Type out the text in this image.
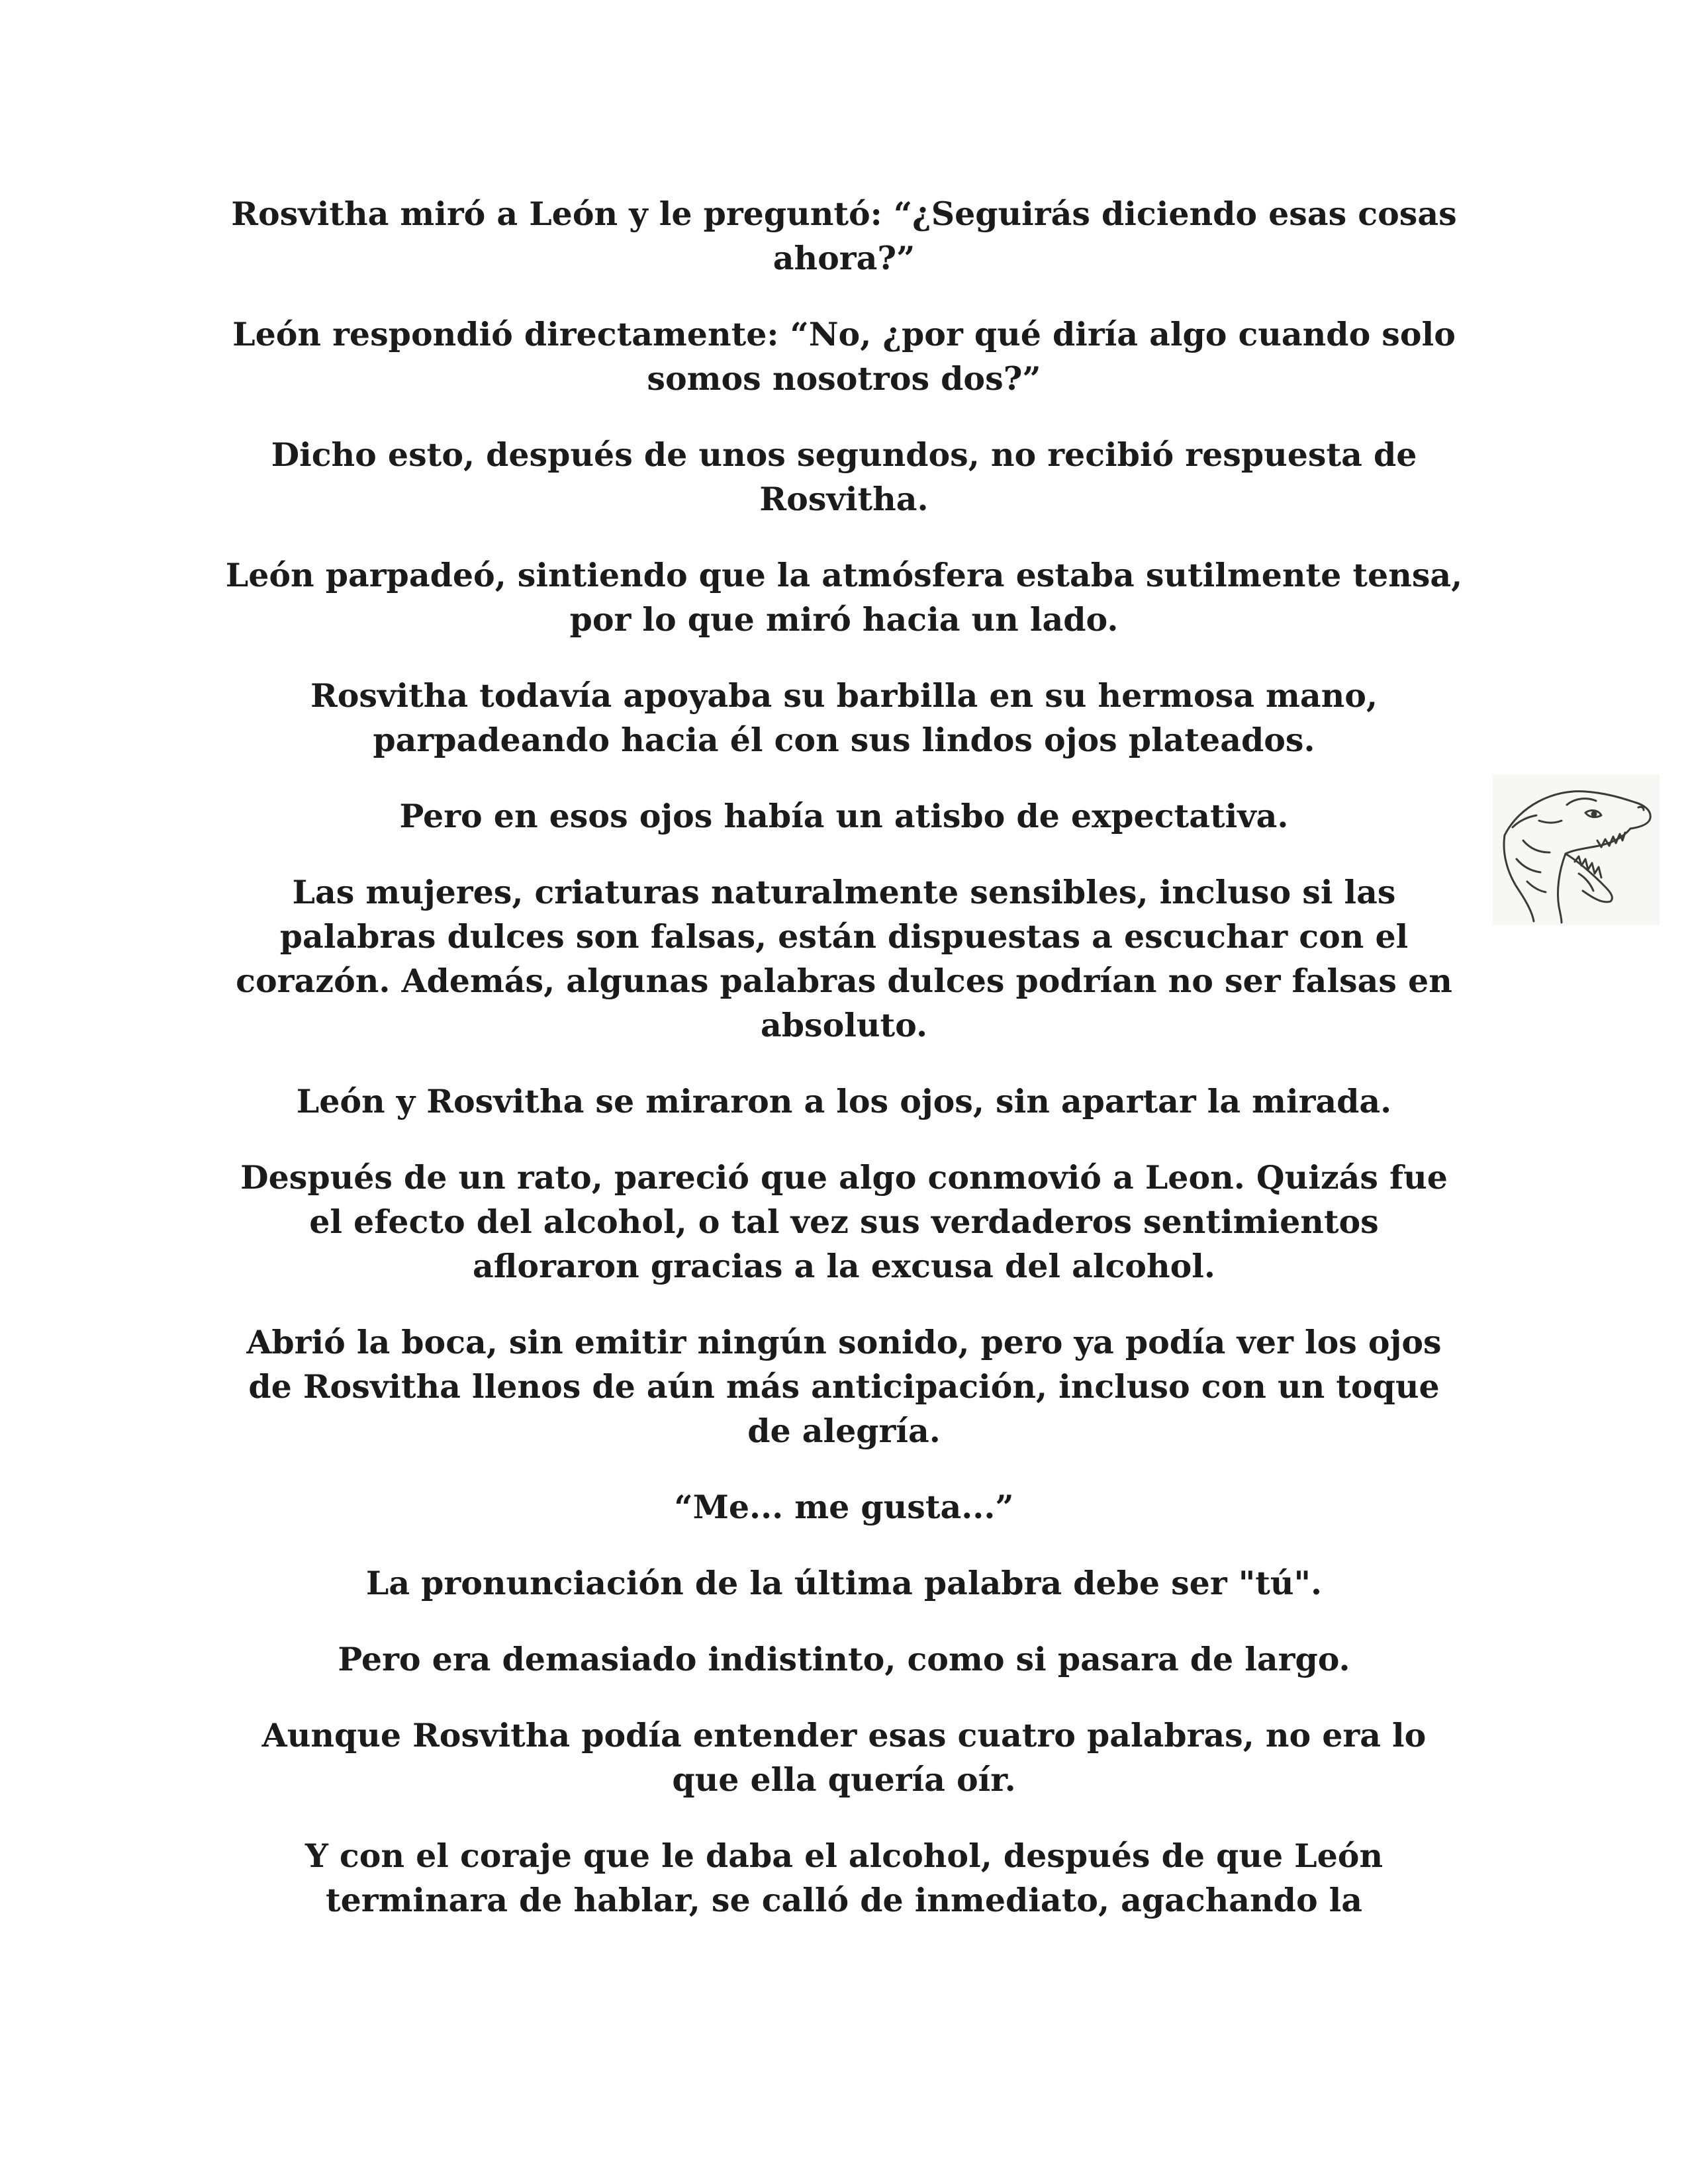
Rosvitha miró a León y le preguntó: “¿Seguirás diciendo esas cosas ahora?”

León respondió directamente: “No, ¿por qué diría algo cuando solo somos nosotros dos?”

Dicho esto, después de unos segundos, no recibió respuesta de Rosvitha.

León parpadeó, sintiendo que la atmósfera estaba sutilmente tensa, por lo que miró hacia un lado.

Rosvitha todavía apoyaba su barbilla en su hermosa mano, parpadeando hacia él con sus lindos ojos plateados.

Pero en esos ojos había un atisbo de expectativa.

Las mujeres, criaturas naturalmente sensibles, incluso si las palabras dulces son falsas, están dispuestas a escuchar con el corazón. Además, algunas palabras dulces podrían no ser falsas en absoluto.

León y Rosvitha se miraron a los ojos, sin apartar la mirada.

Después de un rato, pareció que algo conmovió a Leon. Quizás fue el efecto del alcohol, o tal vez sus verdaderos sentimientos afloraron gracias a la excusa del alcohol.

Abrió la boca, sin emitir ningún sonido, pero ya podía ver los ojos de Rosvitha llenos de aún más anticipación, incluso con un toque de alegría.

“Me... me gusta...”

La pronunciación de la última palabra debe ser "tú".

Pero era demasiado indistinto, como si pasara de largo.

Aunque Rosvitha podía entender esas cuatro palabras, no era lo que ella quería oír.

Y con el coraje que le daba el alcohol, después de que León terminara de hablar, se calló de inmediato, agachando la
